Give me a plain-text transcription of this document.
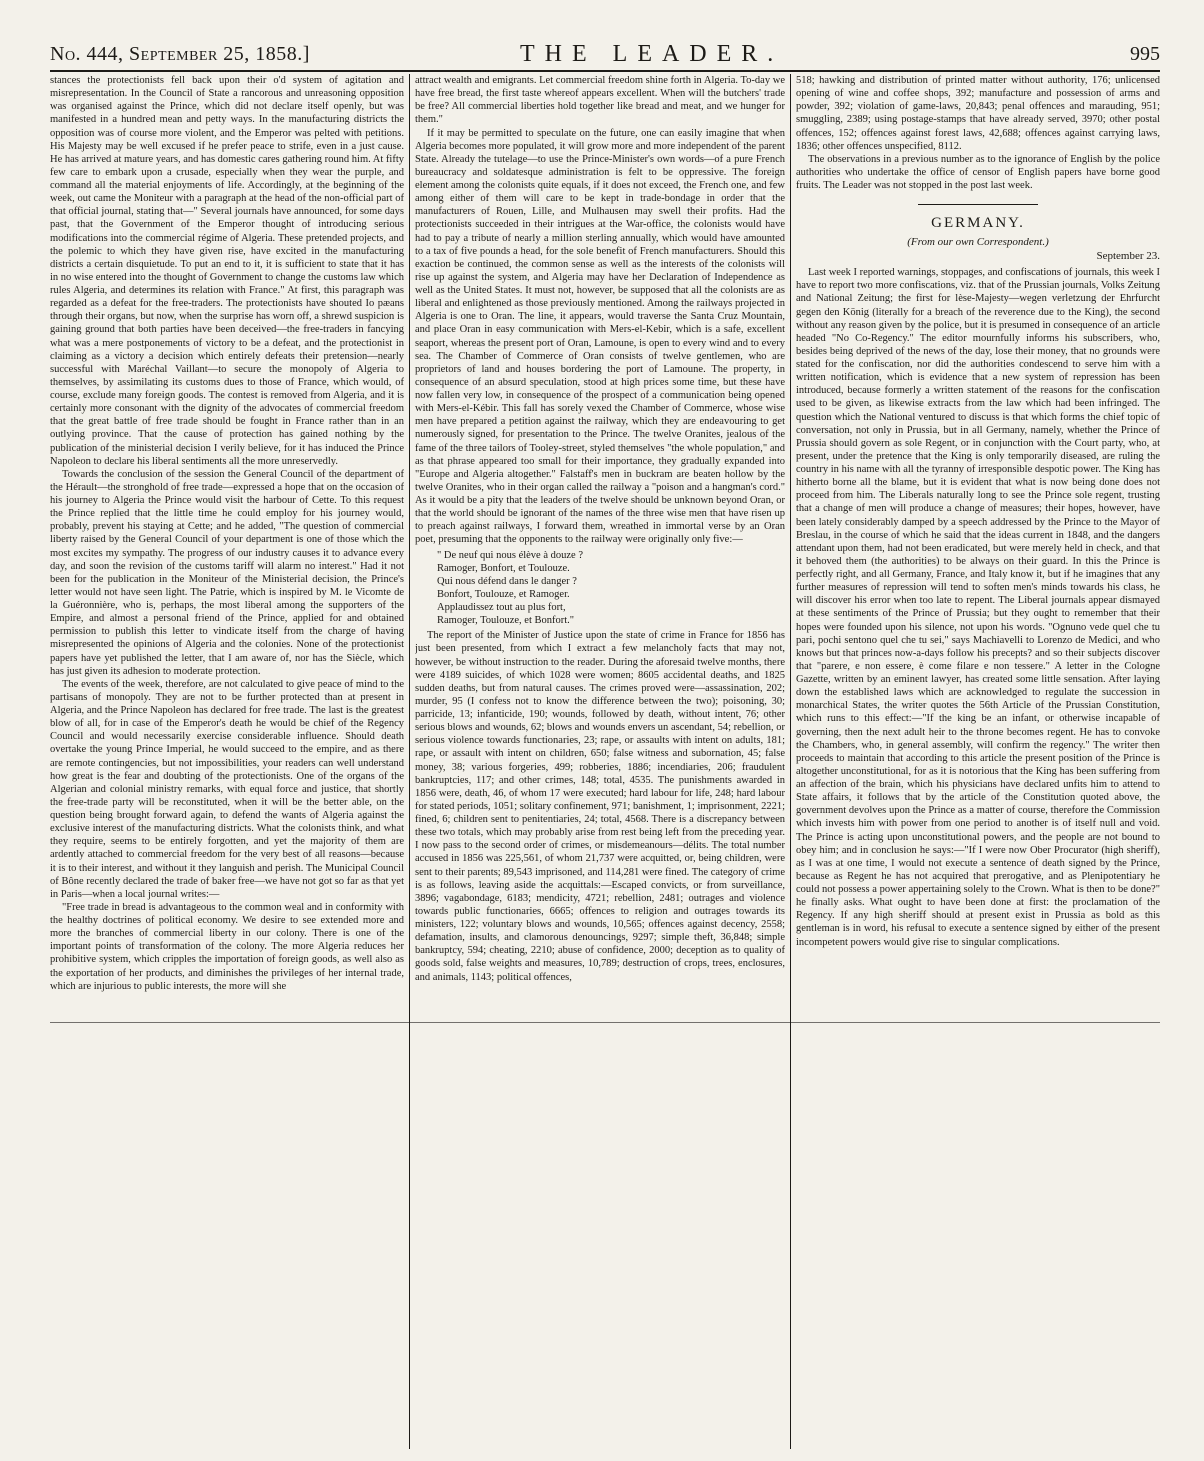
No. 444, September 25, 1858.]	THE LEADER.	995

stances the protectionists fell back upon their o'd system of agitation and misrepresentation. In the Council of State a rancorous and unreasoning opposition was organised against the Prince, which did not declare itself openly, but was manifested in a hundred mean and petty ways. In the manufacturing districts the opposition was of course more violent, and the Emperor was pelted with petitions. His Majesty may be well excused if he prefer peace to strife, even in a just cause. He has arrived at mature years, and has domestic cares gathering round him. At fifty few care to embark upon a crusade, especially when they wear the purple, and command all the material enjoyments of life. Accordingly, at the beginning of the week, out came the Moniteur with a paragraph at the head of the non-official part of that official journal, stating that—" Several journals have announced, for some days past, that the Government of the Emperor thought of introducing serious modifications into the commercial régime of Algeria. These pretended projects, and the polemic to which they have given rise, have excited in the manufacturing districts a certain disquietude. To put an end to it, it is sufficient to state that it has in no wise entered into the thought of Government to change the customs law which rules Algeria, and determines its relation with France." At first, this paragraph was regarded as a defeat for the free-traders. The protectionists have shouted Io pæans through their organs, but now, when the surprise has worn off, a shrewd suspicion is gaining ground that both parties have been deceived—the free-traders in fancying what was a mere postponements of victory to be a defeat, and the protectionist in claiming as a victory a decision which entirely defeats their pretension—nearly successful with Maréchal Vaillant—to secure the monopoly of Algeria to themselves, by assimilating its customs dues to those of France, which would, of course, exclude many foreign goods. The contest is removed from Algeria, and it is certainly more consonant with the dignity of the advocates of commercial freedom that the great battle of free trade should be fought in France rather than in an outlying province. That the cause of protection has gained nothing by the publication of the ministerial decision I verily believe, for it has induced the Prince Napoleon to declare his liberal sentiments all the more unreservedly.

Towards the conclusion of the session the General Council of the department of the Hérault—the stronghold of free trade—expressed a hope that on the occasion of his journey to Algeria the Prince would visit the harbour of Cette. To this request the Prince replied that the little time he could employ for his journey would, probably, prevent his staying at Cette; and he added, "The question of commercial liberty raised by the General Council of your department is one of those which the most excites my sympathy. The progress of our industry causes it to advance every day, and soon the revision of the customs tariff will alarm no interest." Had it not been for the publication in the Moniteur of the Ministerial decision, the Prince's letter would not have seen light. The Patrie, which is inspired by M. le Vicomte de la Guéronnière, who is, perhaps, the most liberal among the supporters of the Empire, and almost a personal friend of the Prince, applied for and obtained permission to publish this letter to vindicate itself from the charge of having misrepresented the opinions of Algeria and the colonies. None of the protectionist papers have yet published the letter, that I am aware of, nor has the Siècle, which has just given its adhesion to moderate protection.

The events of the week, therefore, are not calculated to give peace of mind to the partisans of monopoly. They are not to be further protected than at present in Algeria, and the Prince Napoleon has declared for free trade. The last is the greatest blow of all, for in case of the Emperor's death he would be chief of the Regency Council and would necessarily exercise considerable influence. Should death overtake the young Prince Imperial, he would succeed to the empire, and as there are remote contingencies, but not impossibilities, your readers can well understand how great is the fear and doubting of the protectionists. One of the organs of the Algerian and colonial ministry remarks, with equal force and justice, that shortly the free-trade party will be reconstituted, when it will be the better able, on the question being brought forward again, to defend the wants of Algeria against the exclusive interest of the manufacturing districts. What the colonists think, and what they require, seems to be entirely forgotten, and yet the majority of them are ardently attached to commercial freedom for the very best of all reasons—because it is to their interest, and without it they languish and perish. The Municipal Council of Bône recently declared the trade of baker free—we have not got so far as that yet in Paris—when a local journal writes:—

"Free trade in bread is advantageous to the common weal and in conformity with the healthy doctrines of political economy. We desire to see extended more and more the branches of commercial liberty in our colony. There is one of the important points of transformation of the colony. The more Algeria reduces her prohibitive system, which cripples the importation of foreign goods, as well also as the exportation of her products, and diminishes the privileges of her internal trade, which are injurious to public interests, the more will she

attract wealth and emigrants. Let commercial freedom shine forth in Algeria. To-day we have free bread, the first taste whereof appears excellent. When will the butchers' trade be free? All commercial liberties hold together like bread and meat, and we hunger for them."

If it may be permitted to speculate on the future, one can easily imagine that when Algeria becomes more populated, it will grow more and more independent of the parent State. Already the tutelage—to use the Prince-Minister's own words—of a pure French bureaucracy and soldatesque administration is felt to be oppressive. The foreign element among the colonists quite equals, if it does not exceed, the French one, and few among either of them will care to be kept in trade-bondage in order that the manufacturers of Rouen, Lille, and Mulhausen may swell their profits. Had the protectionists succeeded in their intrigues at the War-office, the colonists would have had to pay a tribute of nearly a million sterling annually, which would have amounted to a tax of five pounds a head, for the sole benefit of French manufacturers. Should this exaction be continued, the common sense as well as the interests of the colonists will rise up against the system, and Algeria may have her Declaration of Independence as well as the United States. It must not, however, be supposed that all the colonists are as liberal and enlightened as those previously mentioned. Among the railways projected in Algeria is one to Oran. The line, it appears, would traverse the Santa Cruz Mountain, and place Oran in easy communication with Mers-el-Kebir, which is a safe, excellent seaport, whereas the present port of Oran, Lamoune, is open to every wind and to every sea. The Chamber of Commerce of Oran consists of twelve gentlemen, who are proprietors of land and houses bordering the port of Lamoune. The property, in consequence of an absurd speculation, stood at high prices some time, but these have now fallen very low, in consequence of the prospect of a communication being opened with Mers-el-Kébir. This fall has sorely vexed the Chamber of Commerce, whose wise men have prepared a petition against the railway, which they are endeavouring to get numerously signed, for presentation to the Prince. The twelve Oranites, jealous of the fame of the three tailors of Tooley-street, styled themselves "the whole population," and as that phrase appeared too small for their importance, they gradually expanded into "Europe and Algeria altogether." Falstaff's men in buckram are beaten hollow by the twelve Oranites, who in their organ called the railway a "poison and a hangman's cord." As it would be a pity that the leaders of the twelve should be unknown beyond Oran, or that the world should be ignorant of the names of the three wise men that have risen up to preach against railways, I forward them, wreathed in immortal verse by an Oran poet, presuming that the opponents to the railway were originally only five:—

" De neuf qui nous élève à douze ?
Ramoger, Bonfort, et Toulouze.
Qui nous défend dans le danger ?
Bonfort, Toulouze, et Ramoger.
Applaudissez tout au plus fort,
Ramoger, Toulouze, et Bonfort."

The report of the Minister of Justice upon the state of crime in France for 1856 has just been presented, from which I extract a few melancholy facts that may not, however, be without instruction to the reader. During the aforesaid twelve months, there were 4189 suicides, of which 1028 were women; 8605 accidental deaths, and 1825 sudden deaths, but from natural causes. The crimes proved were—assassination, 202; murder, 95 (I confess not to know the difference between the two); poisoning, 30; parricide, 13; infanticide, 190; wounds, followed by death, without intent, 76; other serious blows and wounds, 62; blows and wounds envers un ascendant, 54; rebellion, or serious violence towards functionaries, 23; rape, or assaults with intent on adults, 181; rape, or assault with intent on children, 650; false witness and subornation, 45; false money, 38; various forgeries, 499; robberies, 1886; incendiaries, 206; fraudulent bankruptcies, 117; and other crimes, 148; total, 4535. The punishments awarded in 1856 were, death, 46, of whom 17 were executed; hard labour for life, 248; hard labour for stated periods, 1051; solitary confinement, 971; banishment, 1; imprisonment, 2221; fined, 6; children sent to penitentiaries, 24; total, 4568. There is a discrepancy between these two totals, which may probably arise from rest being left from the preceding year. I now pass to the second order of crimes, or misdemeanours—délits. The total number accused in 1856 was 225,561, of whom 21,737 were acquitted, or, being children, were sent to their parents; 89,543 imprisoned, and 114,281 were fined. The category of crime is as follows, leaving aside the acquittals:—Escaped convicts, or from surveillance, 3896; vagabondage, 6183; mendicity, 4721; rebellion, 2481; outrages and violence towards public functionaries, 6665; offences to religion and outrages towards its ministers, 122; voluntary blows and wounds, 10,565; offences against decency, 2558; defamation, insults, and clamorous denouncings, 9297; simple theft, 36,848; simple bankruptcy, 594; cheating, 2210; abuse of confidence, 2000; deception as to quality of goods sold, false weights and measures, 10,789; destruction of crops, trees, enclosures, and animals, 1143; political offences,

518; hawking and distribution of printed matter without authority, 176; unlicensed opening of wine and coffee shops, 392; manufacture and possession of arms and powder, 392; violation of game-laws, 20,843; penal offences and marauding, 951; smuggling, 2389; using postage-stamps that have already served, 3970; other postal offences, 152; offences against forest laws, 42,688; offences against carrying laws, 1836; other offences unspecified, 8112.

The observations in a previous number as to the ignorance of English by the police authorities who undertake the office of censor of English papers have borne good fruits. The Leader was not stopped in the post last week.

GERMANY.
(From our own Correspondent.)
September 23.

Last week I reported warnings, stoppages, and confiscations of journals, this week I have to report two more confiscations, viz. that of the Prussian journals, Volks Zeitung and National Zeitung; the first for lèse-Majesty—wegen verletzung der Ehrfurcht gegen den König (literally for a breach of the reverence due to the King), the second without any reason given by the police, but it is presumed in consequence of an article headed "No Co-Regency." The editor mournfully informs his subscribers, who, besides being deprived of the news of the day, lose their money, that no grounds were stated for the confiscation, nor did the authorities condescend to serve him with a written notification, which is evidence that a new system of repression has been introduced, because formerly a written statement of the reasons for the confiscation used to be given, as likewise extracts from the law which had been infringed. The question which the National ventured to discuss is that which forms the chief topic of conversation, not only in Prussia, but in all Germany, namely, whether the Prince of Prussia should govern as sole Regent, or in conjunction with the Court party, who, at present, under the pretence that the King is only temporarily diseased, are ruling the country in his name with all the tyranny of irresponsible despotic power. The King has hitherto borne all the blame, but it is evident that what is now being done does not proceed from him. The Liberals naturally long to see the Prince sole regent, trusting that a change of men will produce a change of measures; their hopes, however, have been lately considerably damped by a speech addressed by the Prince to the Mayor of Breslau, in the course of which he said that the ideas current in 1848, and the dangers attendant upon them, had not been eradicated, but were merely held in check, and that it behoved them (the authorities) to be always on their guard. In this the Prince is perfectly right, and all Germany, France, and Italy know it, but if he imagines that any further measures of repression will tend to soften men's minds towards his class, he will discover his error when too late to repent. The Liberal journals appear dismayed at these sentiments of the Prince of Prussia; but they ought to remember that their hopes were founded upon his silence, not upon his words. "Ognuno vede quel che tu pari, pochi sentono quel che tu sei," says Machiavelli to Lorenzo de Medici, and who knows but that princes now-a-days follow his precepts? and so their subjects discover that "parere, e non essere, è come filare e non tessere." A letter in the Cologne Gazette, written by an eminent lawyer, has created some little sensation. After laying down the established laws which are acknowledged to regulate the succession in monarchical States, the writer quotes the 56th Article of the Prussian Constitution, which runs to this effect:—"If the king be an infant, or otherwise incapable of governing, then the next adult heir to the throne becomes regent. He has to convoke the Chambers, who, in general assembly, will confirm the regency." The writer then proceeds to maintain that according to this article the present position of the Prince is altogether unconstitutional, for as it is notorious that the King has been suffering from an affection of the brain, which his physicians have declared unfits him to attend to State affairs, it follows that by the article of the Constitution quoted above, the government devolves upon the Prince as a matter of course, therefore the Commission which invests him with power from one period to another is of itself null and void. The Prince is acting upon unconstitutional powers, and the people are not bound to obey him; and in conclusion he says:—"If I were now Ober Procurator (high sheriff), as I was at one time, I would not execute a sentence of death signed by the Prince, because as Regent he has not acquired that prerogative, and as Plenipotentiary he could not possess a power appertaining solely to the Crown. What is then to be done?" he finally asks. What ought to have been done at first: the proclamation of the Regency. If any high sheriff should at present exist in Prussia as bold as this gentleman is in word, his refusal to execute a sentence signed by either of the present incompetent powers would give rise to singular complications.
